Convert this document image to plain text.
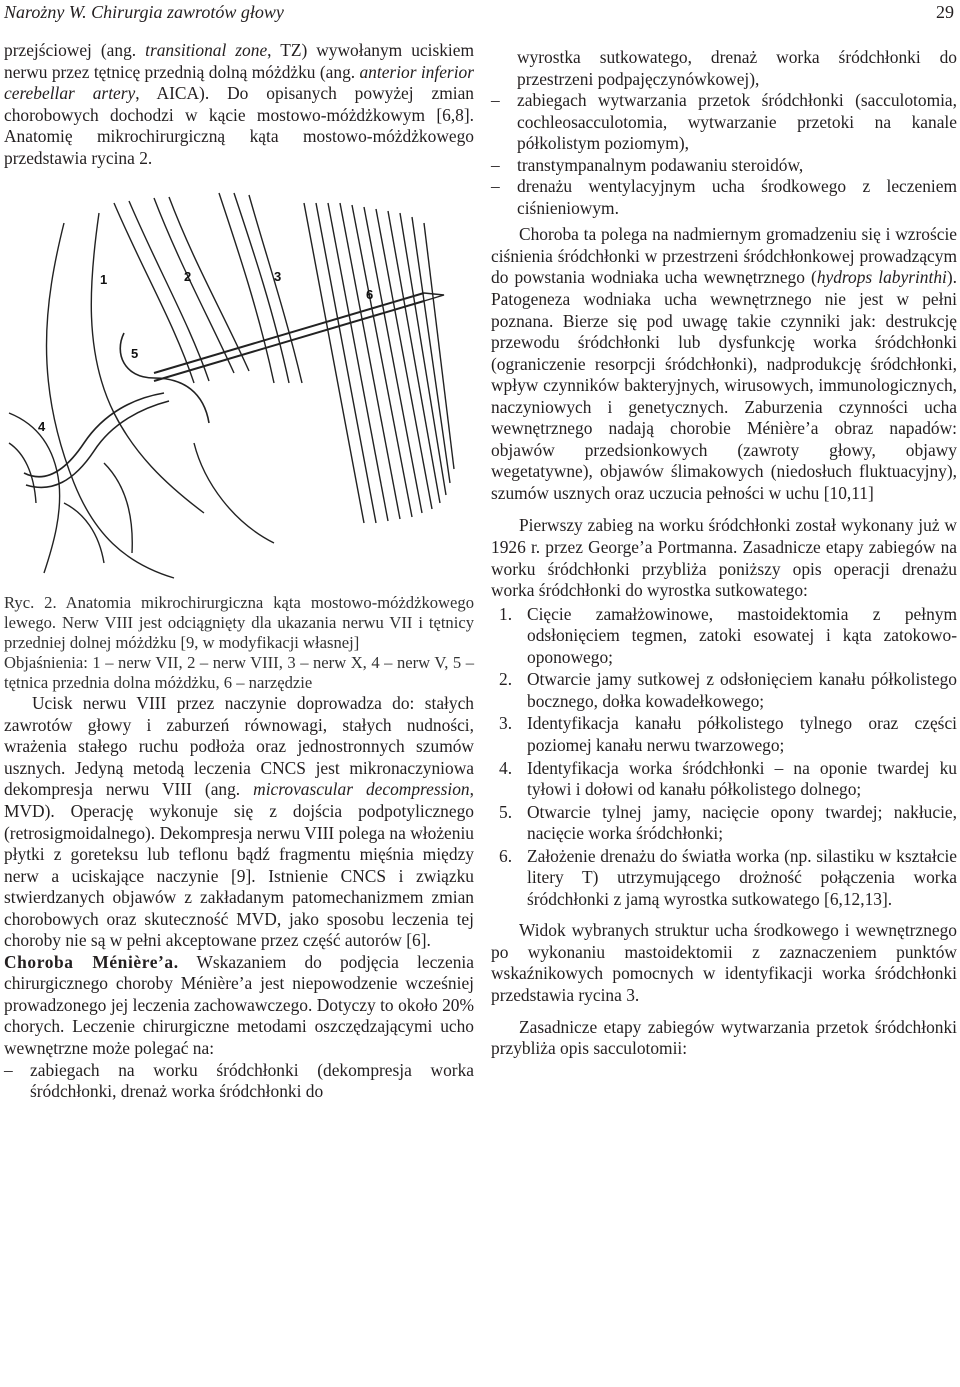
Narożny W. Chirurgia zawrotów głowy	29

przejściowej (ang. transitional zone, TZ) wywołanym uciskiem nerwu przez tętnicę przednią dolną móżdżku (ang. anterior inferior cerebellar artery, AICA). Do opisanych powyżej zmian chorobowych dochodzi w kącie mostowo-móżdżkowym [6,8]. Anatomię mikrochirurgiczną kąta mostowo-móżdżkowego przedstawia rycina 2.

1	2	3
4
5
6

Ryc. 2. Anatomia mikrochirurgiczna kąta mostowo-móżdżkowego lewego. Nerw VIII jest odciągnięty dla ukazania nerwu VII i tętnicy przedniej dolnej móżdżku [9, w modyfikacji własnej]

Objaśnienia: 1 – nerw VII, 2 – nerw VIII, 3 – nerw X, 4 – nerw V, 5 – tętnica przednia dolna móżdżku, 6 – narzędzie

Ucisk nerwu VIII przez naczynie doprowadza do: stałych zawrotów głowy i zaburzeń równowagi, stałych nudności, wrażenia stałego ruchu podłoża oraz jednostronnych szumów usznych. Jedyną metodą leczenia CNCS jest mikronaczyniowa dekompresja nerwu VIII (ang. microvascular decompression, MVD). Operację wykonuje się z dojścia podpotylicznego (retrosigmoidalnego). Dekompresja nerwu VIII polega na włożeniu płytki z goreteksu lub teflonu bądź fragmentu mięśnia między nerw a uciskające naczynie [9]. Istnienie CNCS i związku stwierdzanych objawów z zakładanym patomechanizmem zmian chorobowych oraz skuteczność MVD, jako sposobu leczenia tej choroby nie są w pełni akceptowane przez część autorów [6].

Choroba Ménière’a. Wskazaniem do podjęcia leczenia chirurgicznego choroby Ménière’a jest niepowodzenie wcześniej prowadzonego jej leczenia zachowawczego. Dotyczy to około 20% chorych. Leczenie chirurgiczne metodami oszczędzającymi ucho wewnętrzne może polegać na:

– zabiegach na worku śródchłonki (dekompresja worka śródchłonki, drenaż worka śródchłonki do

wyrostka sutkowatego, drenaż worka śródchłonki do przestrzeni podpajęczynówkowej),

– zabiegach wytwarzania przetok śródchłonki (sacculotomia, cochleosacculotomia, wytwarzanie przetoki na kanale półkolistym poziomym),
– transtympanalnym podawaniu steroidów,
– drenażu wentylacyjnym ucha środkowego z leczeniem ciśnieniowym.

Choroba ta polega na nadmiernym gromadzeniu się i wzroście ciśnienia śródchłonki w przestrzeni śródchłonkowej prowadzącym do powstania wodniaka ucha wewnętrznego (hydrops labyrinthi). Patogeneza wodniaka ucha wewnętrznego nie jest w pełni poznana. Bierze się pod uwagę takie czynniki jak: destrukcję przewodu śródchłonki lub dysfunkcję worka śródchłonki (ograniczenie resorpcji śródchłonki), nadprodukcję śródchłonki, wpływ czynników bakteryjnych, wirusowych, immunologicznych, naczyniowych i genetycznych. Zaburzenia czynności ucha wewnętrznego nadają chorobie Ménière’a obraz napadów: objawów przedsionkowych (zawroty głowy, objawy wegetatywne), objawów ślimakowych (niedosłuch fluktuacyjny), szumów usznych oraz uczucia pełności w uchu [10,11]

Pierwszy zabieg na worku śródchłonki został wykonany już w 1926 r. przez George’a Portmanna. Zasadnicze etapy zabiegów na worku śródchłonki przybliża poniższy opis operacji drenażu worka śródchłonki do wyrostka sutkowatego:

1. Cięcie zamałżowinowe, mastoidektomia z pełnym odsłonięciem tegmen, zatoki esowatej i kąta zatokowo-oponowego;
2. Otwarcie jamy sutkowej z odsłonięciem kanału półkolistego bocznego, dołka kowadełkowego;
3. Identyfikacja kanału półkolistego tylnego oraz części poziomej kanału nerwu twarzowego;
4. Identyfikacja worka śródchłonki – na oponie twardej ku tyłowi i dołowi od kanału półkolistego dolnego;
5. Otwarcie tylnej jamy, nacięcie opony twardej; nakłucie, nacięcie worka śródchłonki;
6. Założenie drenażu do światła worka (np. silastiku w kształcie litery T) utrzymującego drożność połączenia worka śródchłonki z jamą wyrostka sutkowatego [6,12,13].

Widok wybranych struktur ucha środkowego i wewnętrznego po wykonaniu mastoidektomii z zaznaczeniem punktów wskaźnikowych pomocnych w identyfikacji worka śródchłonki przedstawia rycina 3.

Zasadnicze etapy zabiegów wytwarzania przetok śródchłonki przybliża opis sacculotomii:
